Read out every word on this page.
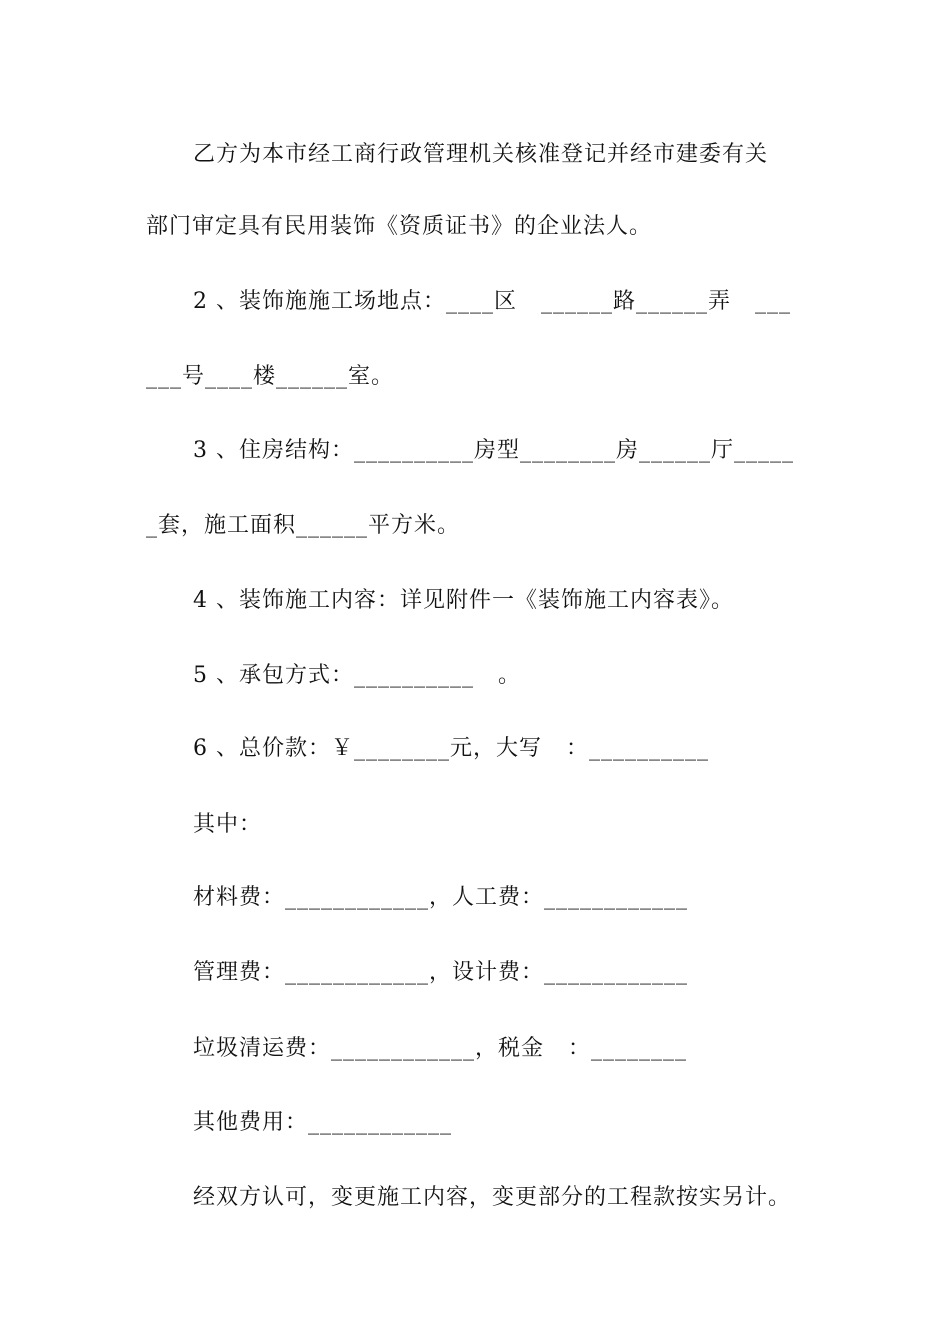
乙方为本市经工商行政管理机关核准登记并经市建委有关
部门审定具有民用装饰《资质证书》的企业法人。
2 、装饰施施工场地点：____区   ______路______弄   ___
___号____楼______室。
3 、住房结构：__________房型________房______厅_____
_套，施工面积______平方米。
4 、装饰施工内容：详见附件一《装饰施工内容表》。
5 、承包方式：__________   。
6 、总价款：￥________元，大写   ：__________
其中：
材料费：____________，人工费：____________
管理费：____________，设计费：____________
垃圾清运费：____________，税金   ：________
其他费用：____________
经双方认可，变更施工内容，变更部分的工程款按实另计。
